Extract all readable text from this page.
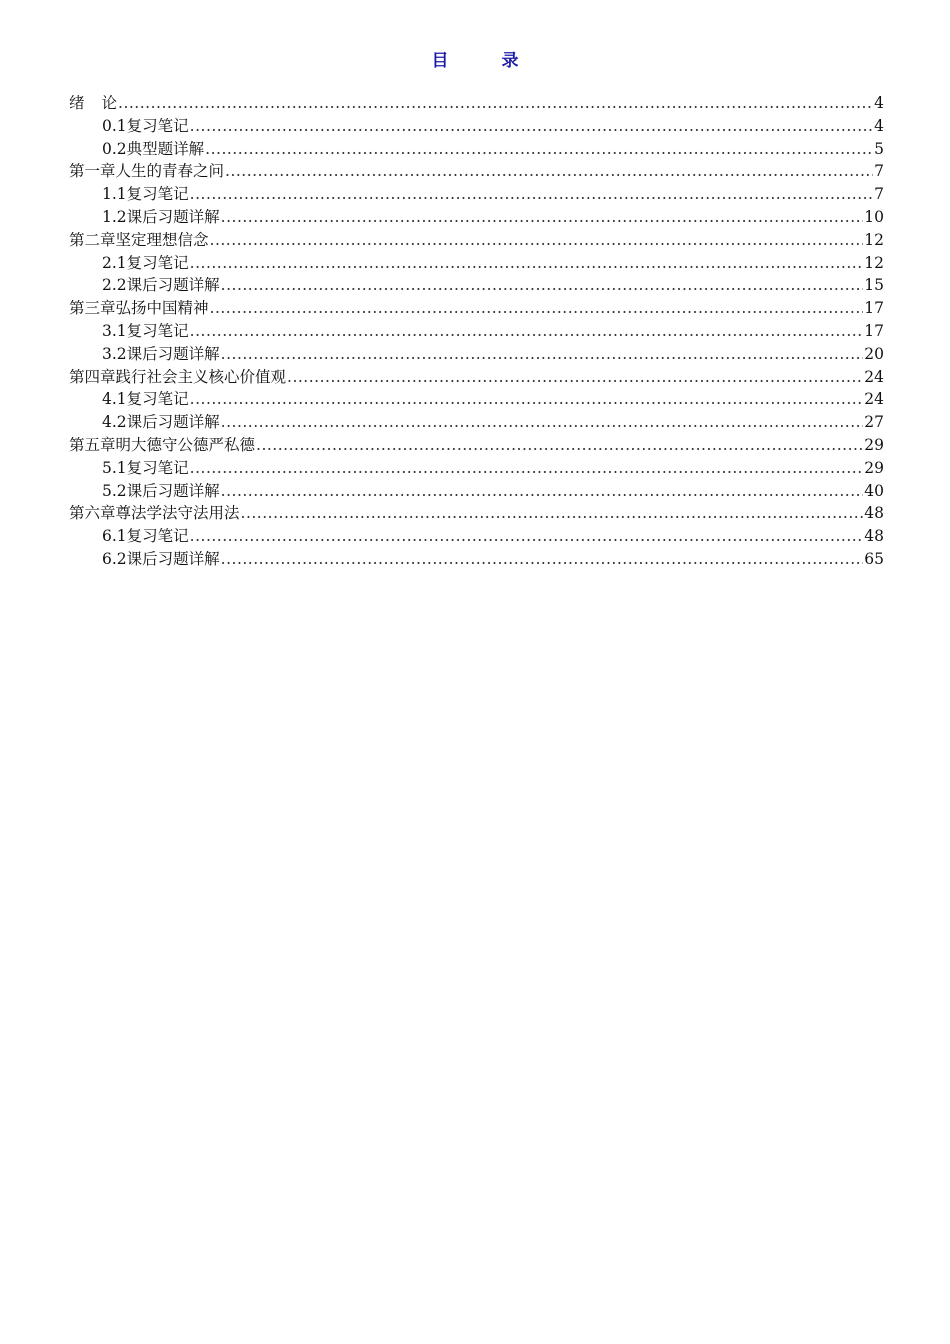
目　录
绪 论 .....	4
0.1 复习笔记 .....	4
0.2 典型题详解 .....	5
第一章 人生的青春之问 .....	7
1.1 复习笔记 .....	7
1.2 课后习题详解 .....	10
第二章 坚定理想信念 .....	12
2.1 复习笔记 .....	12
2.2 课后习题详解 .....	15
第三章 弘扬中国精神 .....	17
3.1 复习笔记 .....	17
3.2 课后习题详解 .....	20
第四章 践行社会主义核心价值观 .....	24
4.1 复习笔记 .....	24
4.2 课后习题详解 .....	27
第五章 明大德守公德严私德 .....	29
5.1 复习笔记 .....	29
5.2 课后习题详解 .....	40
第六章 尊法学法守法用法 .....	48
6.1 复习笔记 .....	48
6.2 课后习题详解 .....	65
